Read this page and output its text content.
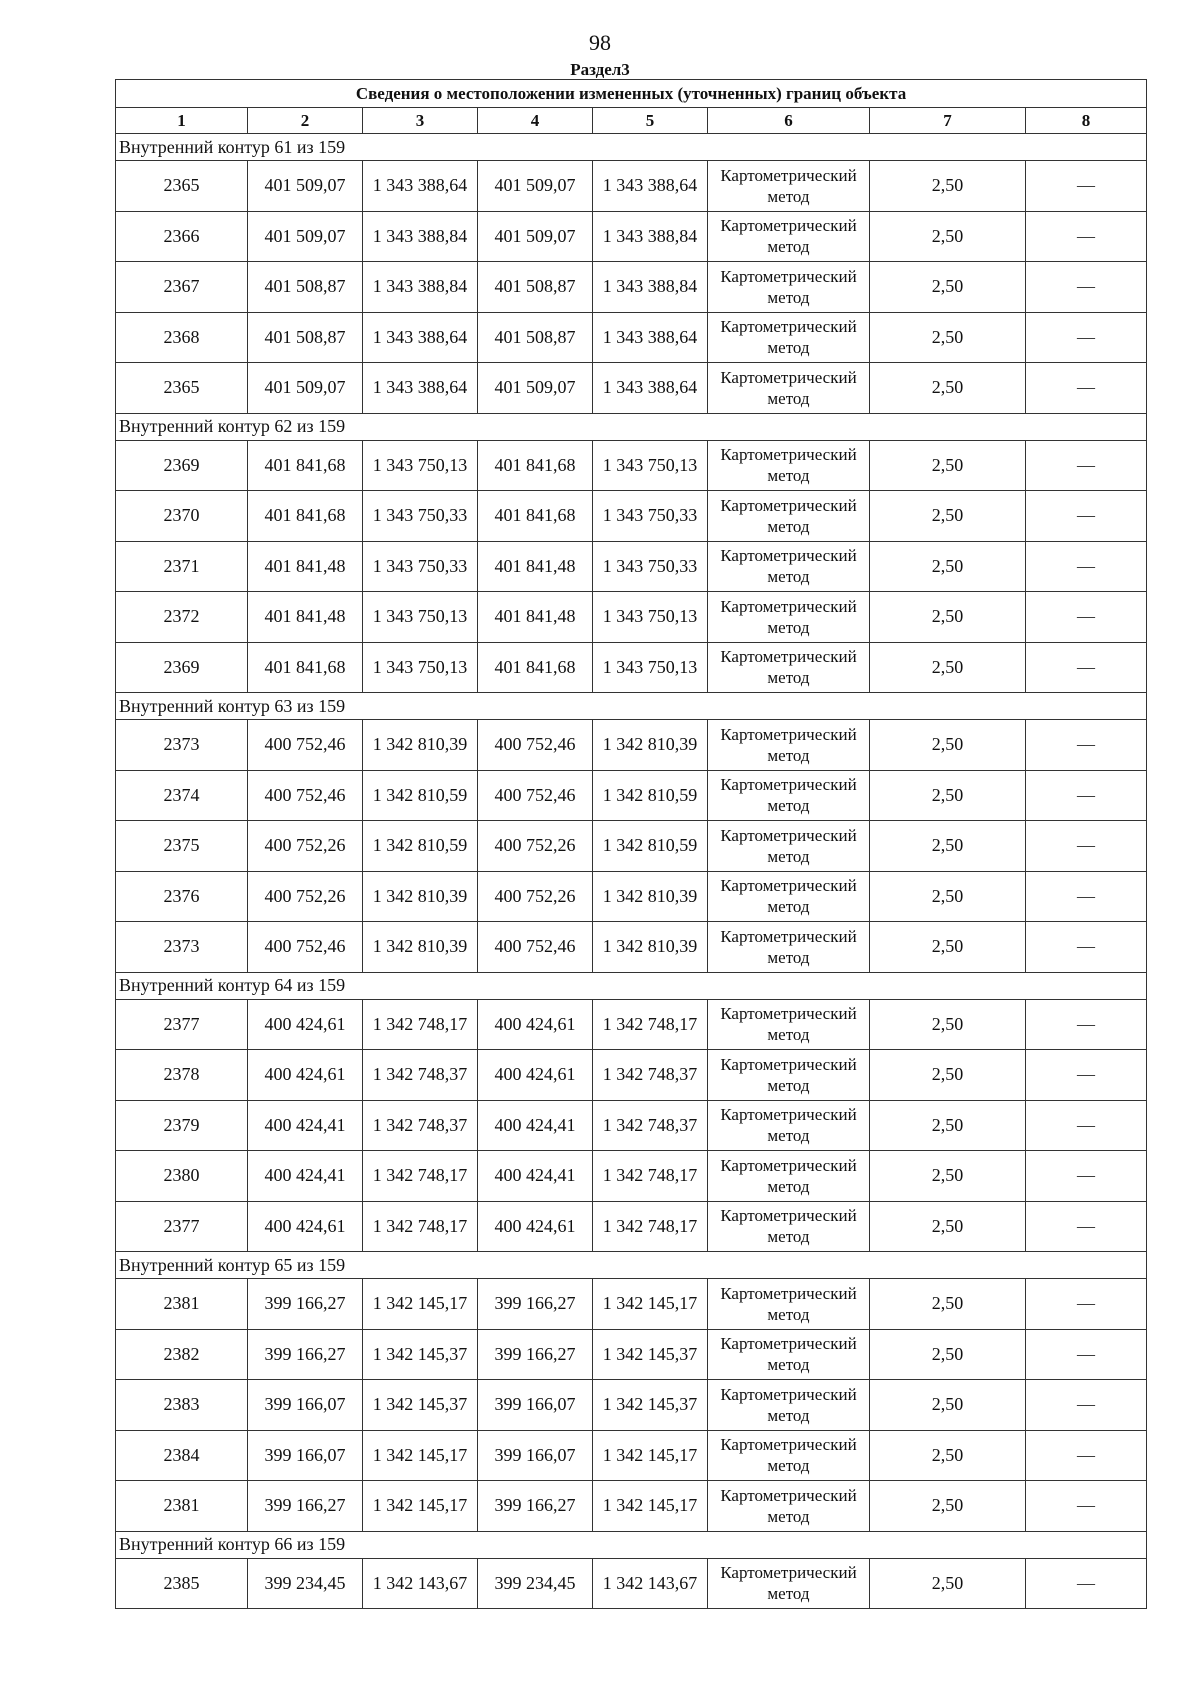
98
Раздел3
Сведения о местоположении измененных (уточненных) границ объекта							
1	2	3	4	5	6	7	8
Внутренний контур 61 из 159							
2365	401 509,07	1 343 388,64	401 509,07	1 343 388,64	Картометрический метод	2,50	—
2366	401 509,07	1 343 388,84	401 509,07	1 343 388,84	Картометрический метод	2,50	—
2367	401 508,87	1 343 388,84	401 508,87	1 343 388,84	Картометрический метод	2,50	—
2368	401 508,87	1 343 388,64	401 508,87	1 343 388,64	Картометрический метод	2,50	—
2365	401 509,07	1 343 388,64	401 509,07	1 343 388,64	Картометрический метод	2,50	—
Внутренний контур 62 из 159							
2369	401 841,68	1 343 750,13	401 841,68	1 343 750,13	Картометрический метод	2,50	—
2370	401 841,68	1 343 750,33	401 841,68	1 343 750,33	Картометрический метод	2,50	—
2371	401 841,48	1 343 750,33	401 841,48	1 343 750,33	Картометрический метод	2,50	—
2372	401 841,48	1 343 750,13	401 841,48	1 343 750,13	Картометрический метод	2,50	—
2369	401 841,68	1 343 750,13	401 841,68	1 343 750,13	Картометрический метод	2,50	—
Внутренний контур 63 из 159							
2373	400 752,46	1 342 810,39	400 752,46	1 342 810,39	Картометрический метод	2,50	—
2374	400 752,46	1 342 810,59	400 752,46	1 342 810,59	Картометрический метод	2,50	—
2375	400 752,26	1 342 810,59	400 752,26	1 342 810,59	Картометрический метод	2,50	—
2376	400 752,26	1 342 810,39	400 752,26	1 342 810,39	Картометрический метод	2,50	—
2373	400 752,46	1 342 810,39	400 752,46	1 342 810,39	Картометрический метод	2,50	—
Внутренний контур 64 из 159							
2377	400 424,61	1 342 748,17	400 424,61	1 342 748,17	Картометрический метод	2,50	—
2378	400 424,61	1 342 748,37	400 424,61	1 342 748,37	Картометрический метод	2,50	—
2379	400 424,41	1 342 748,37	400 424,41	1 342 748,37	Картометрический метод	2,50	—
2380	400 424,41	1 342 748,17	400 424,41	1 342 748,17	Картометрический метод	2,50	—
2377	400 424,61	1 342 748,17	400 424,61	1 342 748,17	Картометрический метод	2,50	—
Внутренний контур 65 из 159							
2381	399 166,27	1 342 145,17	399 166,27	1 342 145,17	Картометрический метод	2,50	—
2382	399 166,27	1 342 145,37	399 166,27	1 342 145,37	Картометрический метод	2,50	—
2383	399 166,07	1 342 145,37	399 166,07	1 342 145,37	Картометрический метод	2,50	—
2384	399 166,07	1 342 145,17	399 166,07	1 342 145,17	Картометрический метод	2,50	—
2381	399 166,27	1 342 145,17	399 166,27	1 342 145,17	Картометрический метод	2,50	—
Внутренний контур 66 из 159							
2385	399 234,45	1 342 143,67	399 234,45	1 342 143,67	Картометрический метод	2,50	—
